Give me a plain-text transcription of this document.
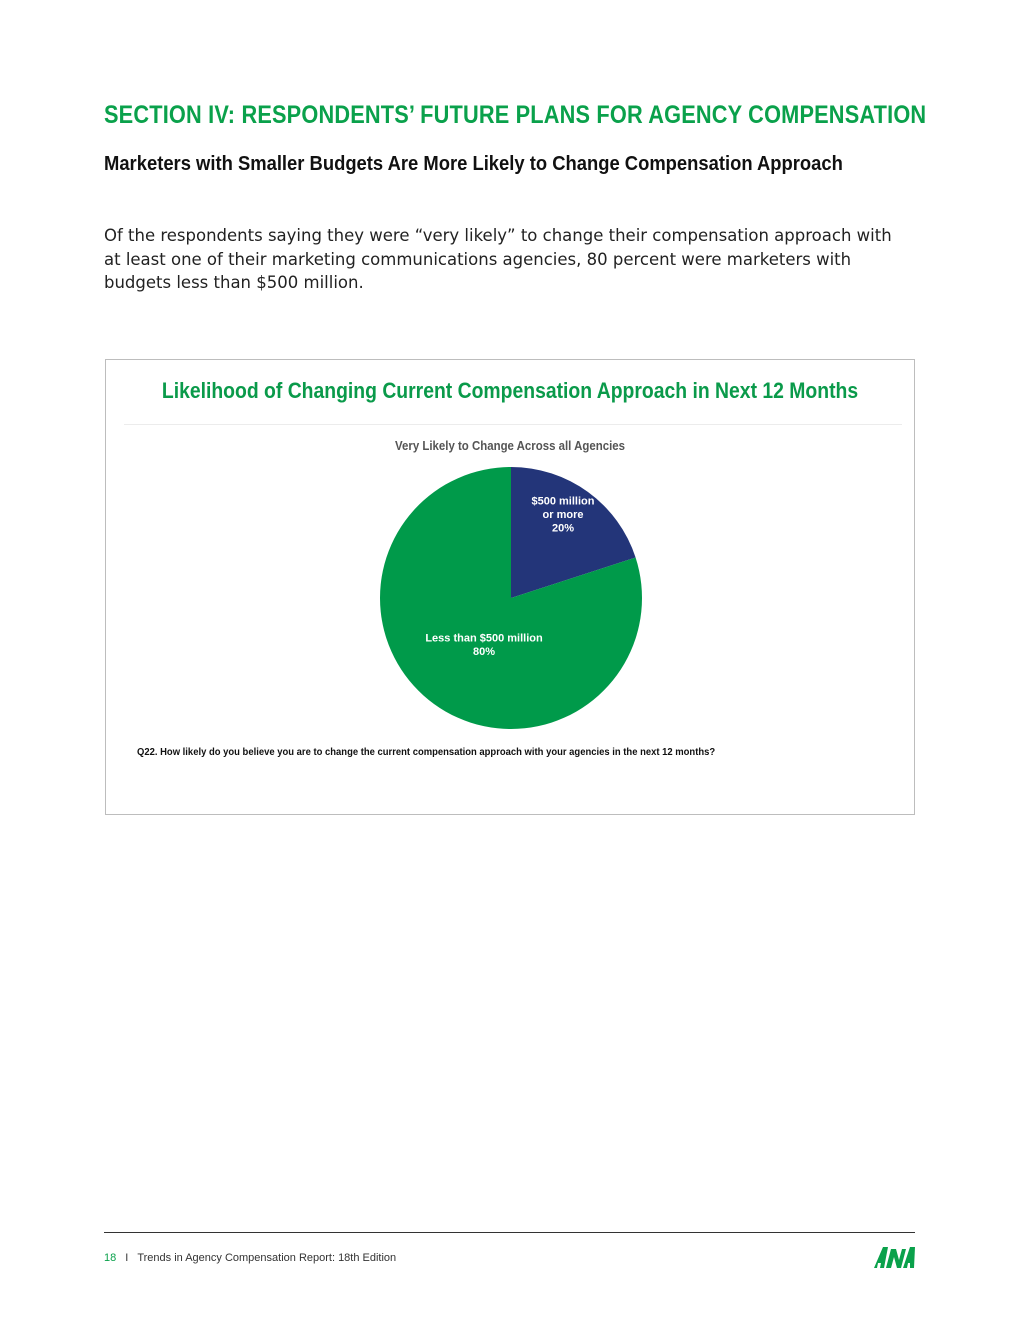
SECTION IV: RESPONDENTS’ FUTURE PLANS FOR AGENCY COMPENSATION
Marketers with Smaller Budgets Are More Likely to Change Compensation Approach

Of the respondents saying they were “very likely” to change their compensation approach with at least one of their marketing communications agencies, 80 percent were marketers with budgets less than $500 million.

Likelihood of Changing Current Compensation Approach in Next 12 Months
Very Likely to Change Across all Agencies
$500 million or more 20%
Less than $500 million 80%
Q22. How likely do you believe you are to change the current compensation approach with your agencies in the next 12 months?
18 I Trends in Agency Compensation Report: 18th Edition
